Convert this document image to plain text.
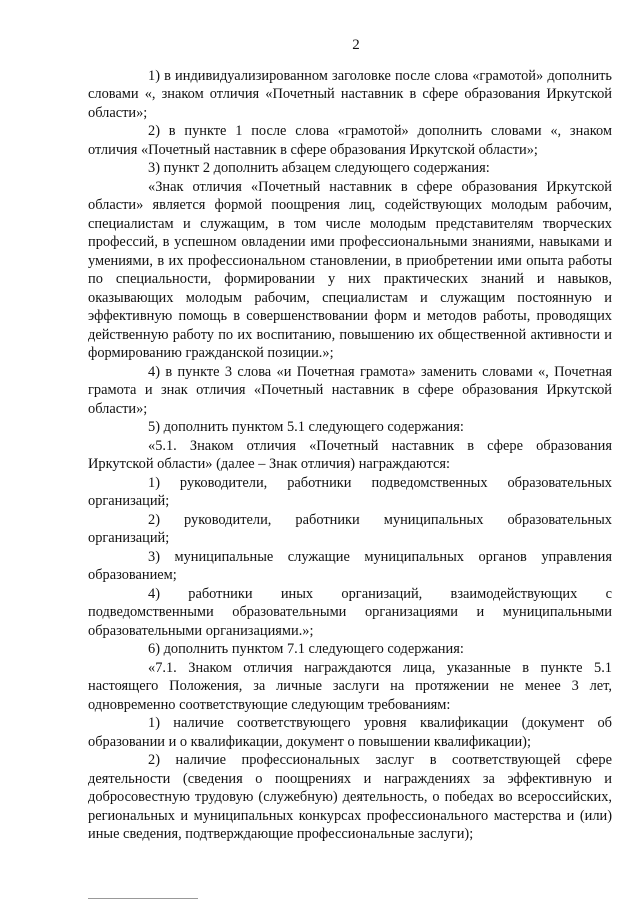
2

1) в индивидуализированном заголовке после слова «грамотой» дополнить словами «, знаком отличия «Почетный наставник в сфере образования Иркутской области»;

2) в пункте 1 после слова «грамотой» дополнить словами «, знаком отличия «Почетный наставник в сфере образования Иркутской области»;

3) пункт 2 дополнить абзацем следующего содержания:

«Знак отличия «Почетный наставник в сфере образования Иркутской области» является формой поощрения лиц, содействующих молодым рабочим, специалистам и служащим, в том числе молодым представителям творческих профессий, в успешном овладении ими профессиональными знаниями, навыками и умениями, в их профессиональном становлении, в приобретении ими опыта работы по специальности, формировании у них практических знаний и навыков, оказывающих молодым рабочим, специалистам и служащим постоянную и эффективную помощь в совершенствовании форм и методов работы, проводящих действенную работу по их воспитанию, повышению их общественной активности и формированию гражданской позиции.»;

4) в пункте 3 слова «и Почетная грамота» заменить словами «, Почетная грамота и знак отличия «Почетный наставник в сфере образования Иркутской области»;

5) дополнить пунктом 5.1 следующего содержания:

«5.1. Знаком отличия «Почетный наставник в сфере образования Иркутской области» (далее – Знак отличия) награждаются:

1) руководители, работники подведомственных образовательных организаций;

2) руководители, работники муниципальных образовательных организаций;

3) муниципальные служащие муниципальных органов управления образованием;

4) работники иных организаций, взаимодействующих с подведомственными образовательными организациями и муниципальными образовательными организациями.»;

6) дополнить пунктом 7.1 следующего содержания:

«7.1. Знаком отличия награждаются лица, указанные в пункте 5.1 настоящего Положения, за личные заслуги на протяжении не менее 3 лет, одновременно соответствующие следующим требованиям:

1) наличие соответствующего уровня квалификации (документ об образовании и о квалификации, документ о повышении квалификации);

2) наличие профессиональных заслуг в соответствующей сфере деятельности (сведения о поощрениях и награждениях за эффективную и добросовестную трудовую (служебную) деятельность, о победах во всероссийских, региональных и муниципальных конкурсах профессионального мастерства и (или) иные сведения, подтверждающие профессиональные заслуги);
